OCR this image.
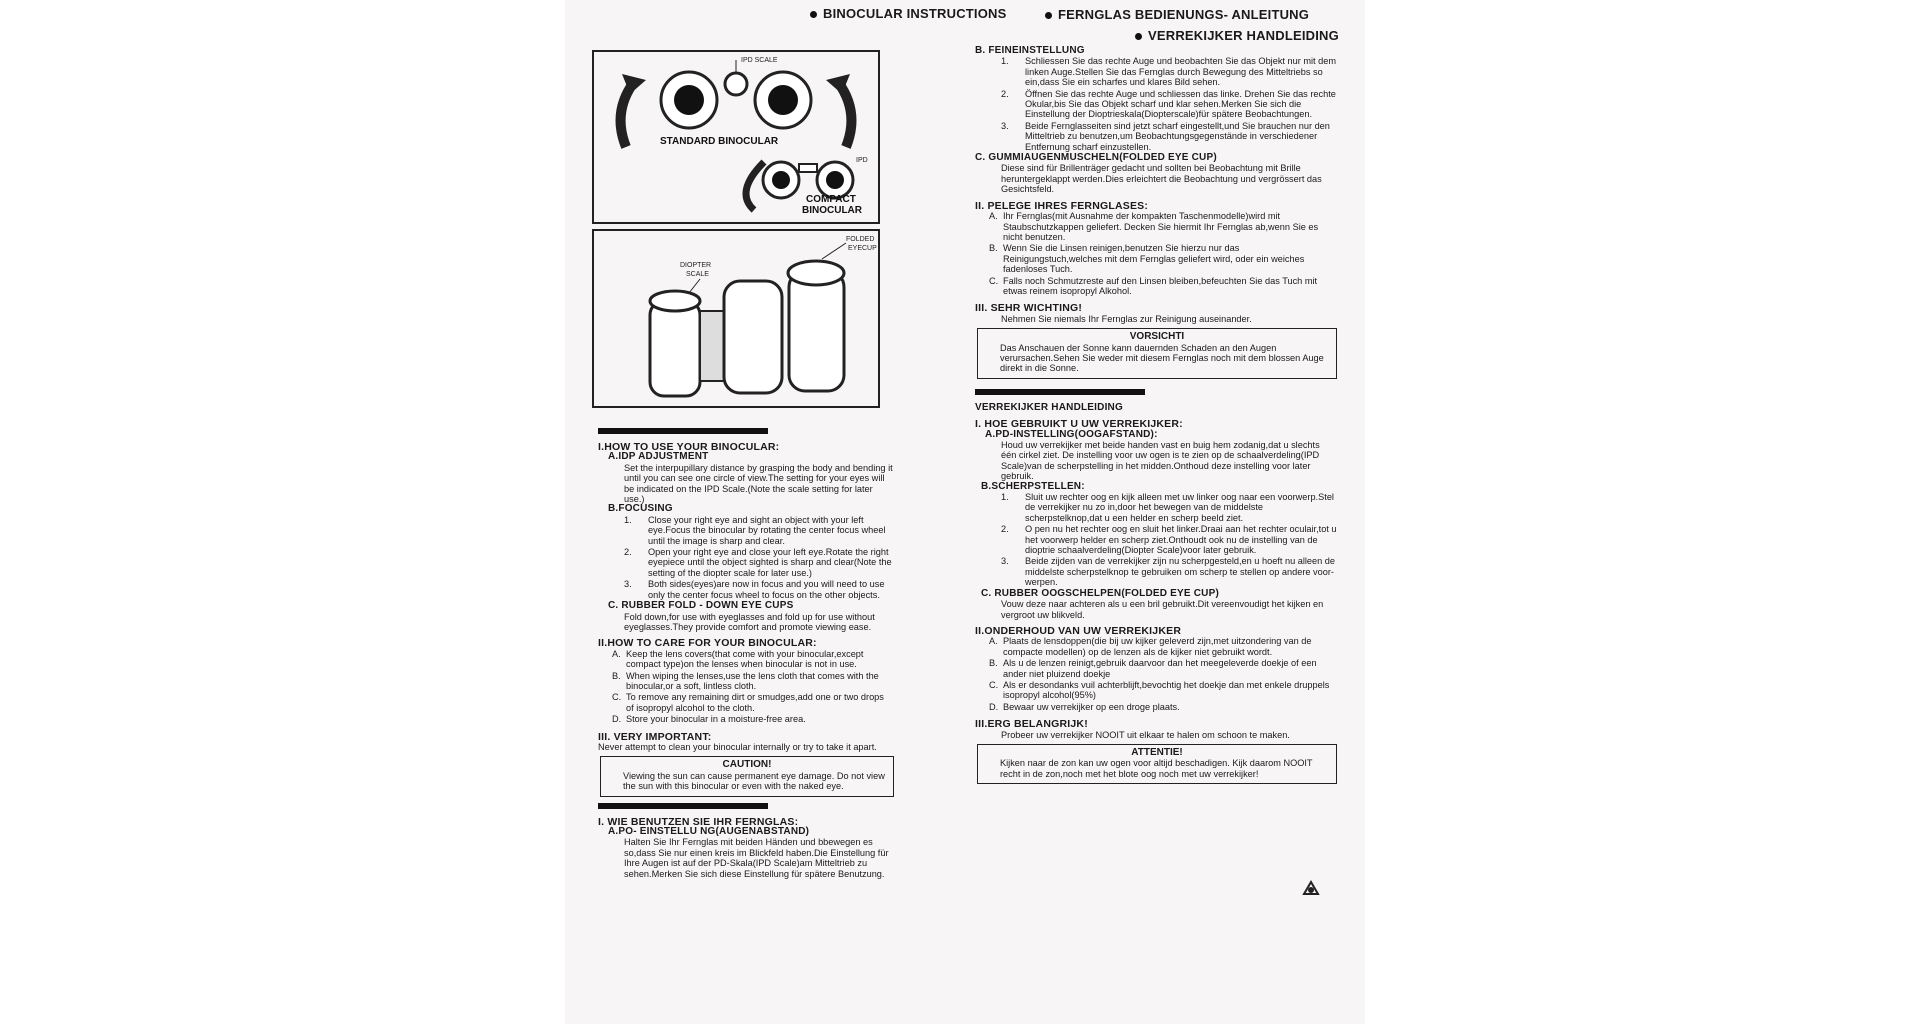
BINOCULAR INSTRUCTIONS	FERNGLAS BEDIENUNGS- ANLEITUNG
VERREKIJKER HANDLEIDING
IPD SCALE
STANDARD BINOCULAR
IPD
COMPACT
BINOCULAR
FOLDED
EYECUP
DIOPTER
SCALE
I.HOW TO USE YOUR BINOCULAR:
A.IDP ADJUSTMENT
Set the interpupillary distance by grasping the body and bending it until you can see one circle of view.The setting for your eyes will be indicated on the IPD Scale.(Note the scale setting for later use.)
B.FOCUSING
1.	Close your right eye and sight an object with your left eye.Focus the binocular by rotating the center focus wheel until the image is sharp and clear.
2.	Open your right eye and close your left eye.Rotate the right eyepiece until the object sighted is sharp and clear(Note the setting of the diopter scale for later use.)
3.	Both sides(eyes)are now in focus and you will need to use only the center focus wheel to focus on the other objects.
C. RUBBER FOLD - DOWN EYE CUPS
Fold down,for use with eyeglasses and fold up for use without eyeglasses.They provide comfort and promote viewing ease.
II.HOW TO CARE FOR YOUR BINOCULAR:
A. Keep the lens covers(that come with your binocular,except compact type)on the lenses when binocular is not in use.
B. When wiping the lenses,use the lens cloth that comes with the binocular,or a soft, lintless cloth.
C. To remove any remaining dirt or smudges,add one or two drops of isopropyl alcohol to the cloth.
D. Store your binocular in a moisture-free area.
III. VERY IMPORTANT:
Never attempt to clean your binocular internally or try to take it apart.
CAUTION!
Viewing the sun can cause permanent eye damage. Do not view the sun with this binocular or even with the naked eye.
I. WIE BENUTZEN SIE IHR FERNGLAS:
A.PO- EINSTELLU NG(AUGENABSTAND)
Halten Sie Ihr Fernglas mit beiden Händen und bbewegen es so,dass Sie nur einen kreis im Blickfeld haben.Die Einstellung für Ihre Augen ist auf der PD-Skala(IPD Scale)am Mitteltrieb zu sehen.Merken Sie sich diese Einstellung für spätere Benutzung.
B. FEINEINSTELLUNG
1.	Schliessen Sie das rechte Auge und beobachten Sie das Objekt nur mit dem linken Auge.Stellen Sie das Fernglas durch Bewegung des Mitteltriebs so ein,dass Sie ein scharfes und klares Bild sehen.
2.	Öffnen Sie das rechte Auge und schliessen das linke. Drehen Sie das rechte Okular,bis Sie das Objekt scharf und klar sehen.Merken Sie sich die Einstellung der Dioptrieskala(Diopterscale)für spätere Beobachtungen.
3.	Beide Fernglasseiten sind jetzt scharf eingestellt,und Sie brauchen nur den Mitteltrieb zu benutzen,um Beobachtungsgegenstände in verschiedener Entfernung scharf einzustellen.
C. GUMMIAUGENMUSCHELN(FOLDED EYE CUP)
Diese sind für Brillenträger gedacht und sollten bei Beobachtung mit Brille heruntergeklappt werden.Dies erleichtert die Beobachtung und vergrössert das Gesichtsfeld.
II. PELEGE IHRES FERNGLASES:
A. Ihr Fernglas(mit Ausnahme der kompakten Taschenmodelle)wird mit Staubschutzkappen geliefert. Decken Sie hiermit Ihr Fernglas ab,wenn Sie es nicht benutzen.
B. Wenn Sie die Linsen reinigen,benutzen Sie hierzu nur das Reinigungstuch,welches mit dem Fernglas geliefert wird, oder ein weiches fadenloses Tuch.
C. Falls noch Schmutzreste auf den Linsen bleiben,befeuchten Sie das Tuch mit etwas reinem isopropyl Alkohol.
III. SEHR WICHTING!
Nehmen Sie niemals Ihr Fernglas zur Reinigung auseinander.
VORSICHTI
Das Anschauen der Sonne kann dauernden Schaden an den Augen verursachen.Sehen Sie weder mit diesem Fernglas noch mit dem blossen Auge direkt in die Sonne.
VERREKIJKER HANDLEIDING
I. HOE GEBRUIKT U UW VERREKIJKER:
A.PD-INSTELLING(OOGAFSTAND):
Houd uw verrekijker met beide handen vast en buig hem zodanig,dat u slechts één cirkel ziet. De instelling voor uw ogen is te zien op de schaalverdeling(IPD Scale)van de scherpstelling in het midden.Onthoud deze instelling voor later gebruik.
B.SCHERPSTELLEN:
1.	Sluit uw rechter oog en kijk alleen met uw linker oog naar een voorwerp.Stel de verrekijker nu zo in,door het bewegen van de middelste scherpstelknop,dat u een helder en scherp beeld ziet.
2.	O pen nu het rechter oog en sluit het linker.Draai aan het rechter oculair,tot u het voorwerp helder en scherp ziet.Onthoudt ook nu de instelling van de dioptrie schaalverdeling(Diopter Scale)voor later gebruik.
3.	Beide zijden van de verrekijker zijn nu scherpgesteld,en u hoeft nu alleen de middelste scherpstelknop te gebruiken om scherp te stellen op andere voor- werpen.
C. RUBBER OOGSCHELPEN(FOLDED EYE CUP)
Vouw deze naar achteren als u een bril gebruikt.Dit vereenvoudigt het kijken en vergroot uw blikveld.
II.ONDERHOUD VAN UW VERREKIJKER
A. Plaats de lensdoppen(die bij uw kijker geleverd zijn,met uitzondering van de compacte modellen) op de lenzen als de kijker niet gebruikt wordt.
B. Als u de lenzen reinigt,gebruik daarvoor dan het meegeleverde doekje of een ander niet pluizend doekje
C. Als er desondanks vuil achterblijft,bevochtig het doekje dan met enkele druppels isopropyl alcohol(95%)
D. Bewaar uw verrekijker op een droge plaats.
III.ERG BELANGRIJK!
Probeer uw verrekijker NOOIT uit elkaar te halen om schoon te maken.
ATTENTIE!
Kijken naar de zon kan uw ogen voor altijd beschadigen. Kijk daarom NOOIT recht in de zon,noch met het blote oog noch met uw verrekijker!
